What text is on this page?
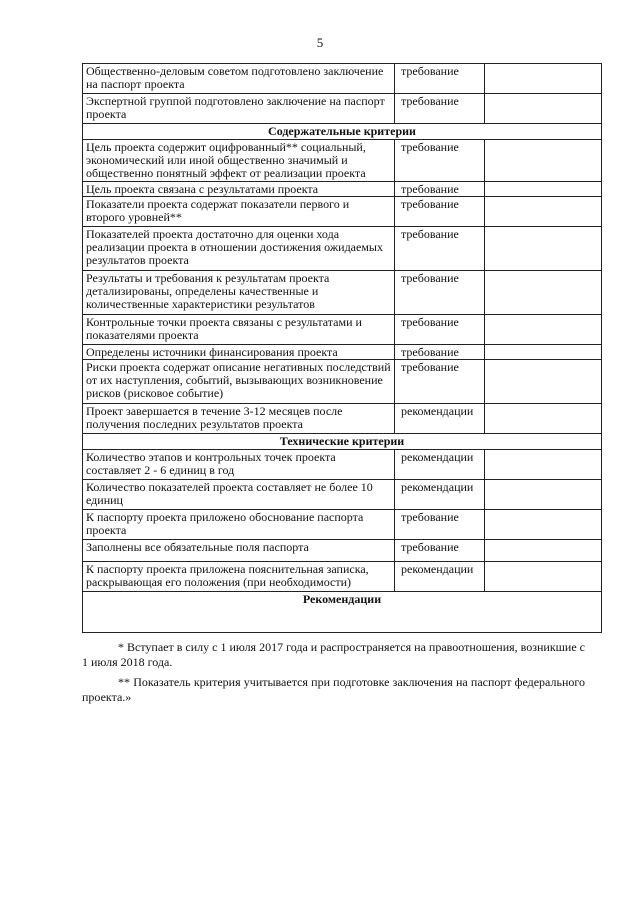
5
Общественно-деловым советом подготовлено заключение на паспорт проекта	требование	
Экспертной группой подготовлено заключение на паспорт проекта	требование	
Содержательные критерии		
Цель проекта содержит оцифрованный** социальный, экономический или иной общественно значимый и общественно понятный эффект от реализации проекта	требование	
Цель проекта связана с результатами проекта	требование	
Показатели проекта содержат показатели первого и второго уровней**	требование	
Показателей проекта достаточно для оценки хода реализации проекта в отношении достижения ожидаемых результатов проекта	требование	
Результаты и требования к результатам проекта детализированы, определены качественные и количественные характеристики результатов	требование	
Контрольные точки проекта связаны с результатами и показателями проекта	требование	
Определены источники финансирования проекта	требование	
Риски проекта содержат описание негативных последствий от их наступления, событий, вызывающих возникновение рисков (рисковое событие)	требование	
Проект завершается в течение 3-12 месяцев после получения последних результатов проекта	рекомендации	
Технические критерии		
Количество этапов и контрольных точек проекта составляет 2 - 6 единиц в год	рекомендации	
Количество показателей проекта составляет не более 10 единиц	рекомендации	
К паспорту проекта приложено обоснование паспорта проекта	требование	
Заполнены все обязательные поля паспорта	требование	
К паспорту проекта приложена пояснительная записка, раскрывающая его положения (при необходимости)	рекомендации	
Рекомендации		

* Вступает в силу с 1 июля 2017 года и распространяется на правоотношения, возникшие с 1 июля 2018 года.

** Показатель критерия учитывается при подготовке заключения на паспорт федерального проекта.»
